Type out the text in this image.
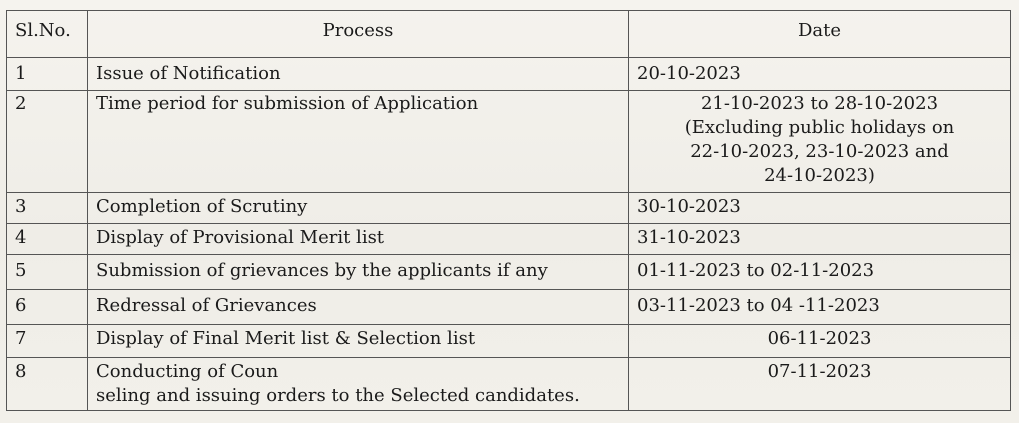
Sl.No.	Process	Date
1	Issue of Notification	20-10-2023

2	Time period for submission of Application	21-10-2023 to 28-10-2023
(Excluding public holidays on
22-10-2023, 23-10-2023 and
24-10-2023)

3	Completion of Scrutiny	30-10-2023

4	Display of Provisional Merit list	31-10-2023

5	Submission of grievances by the applicants if any	01-11-2023 to 02-11-2023

6	Redressal of Grievances	03-11-2023 to 04 -11-2023

7	Display of Final Merit list & Selection list	06-11-2023

8	Conducting of Coun
seling and issuing orders to the Selected candidates.	07-11-2023
